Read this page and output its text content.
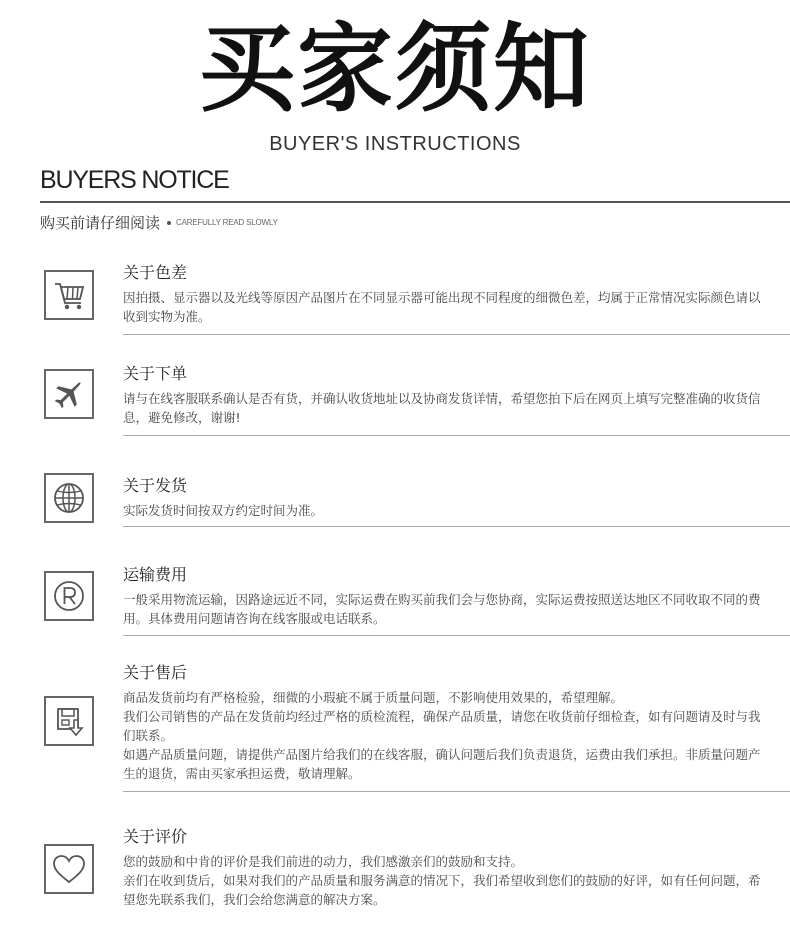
买家须知
BUYER'S INSTRUCTIONS
BUYERS NOTICE
购买前请仔细阅读 CAREFULLY READ SLOWLY
关于色差

因拍摄、显示器以及光线等原因产品图片在不同显示器可能出现不同程度的细微色差，均属于正常情况实际颜色请以收到实物为准。

关于下单

请与在线客服联系确认是否有货，并确认收货地址以及协商发货详情，希望您拍下后在网页上填写完整准确的收货信息，避免修改，谢谢!

关于发货

实际发货时间按双方约定时间为准。

运输费用

一般采用物流运输，因路途远近不同，实际运费在购买前我们会与您协商，实际运费按照送达地区不同收取不同的费用。具体费用问题请咨询在线客服或电话联系。

关于售后

商品发货前均有严格检验，细微的小瑕疵不属于质量问题，不影响使用效果的，希望理解。

我们公司销售的产品在发货前均经过严格的质检流程，确保产品质量，请您在收货前仔细检查，如有问题请及时与我们联系。

如遇产品质量问题，请提供产品图片给我们的在线客服，确认问题后我们负责退货，运费由我们承担。非质量问题产生的退货，需由买家承担运费，敬请理解。

关于评价

您的鼓励和中肯的评价是我们前进的动力，我们感激亲们的鼓励和支持。

亲们在收到货后，如果对我们的产品质量和服务满意的情况下，我们希望收到您们的鼓励的好评，如有任何问题，希望您先联系我们，我们会给您满意的解决方案。
